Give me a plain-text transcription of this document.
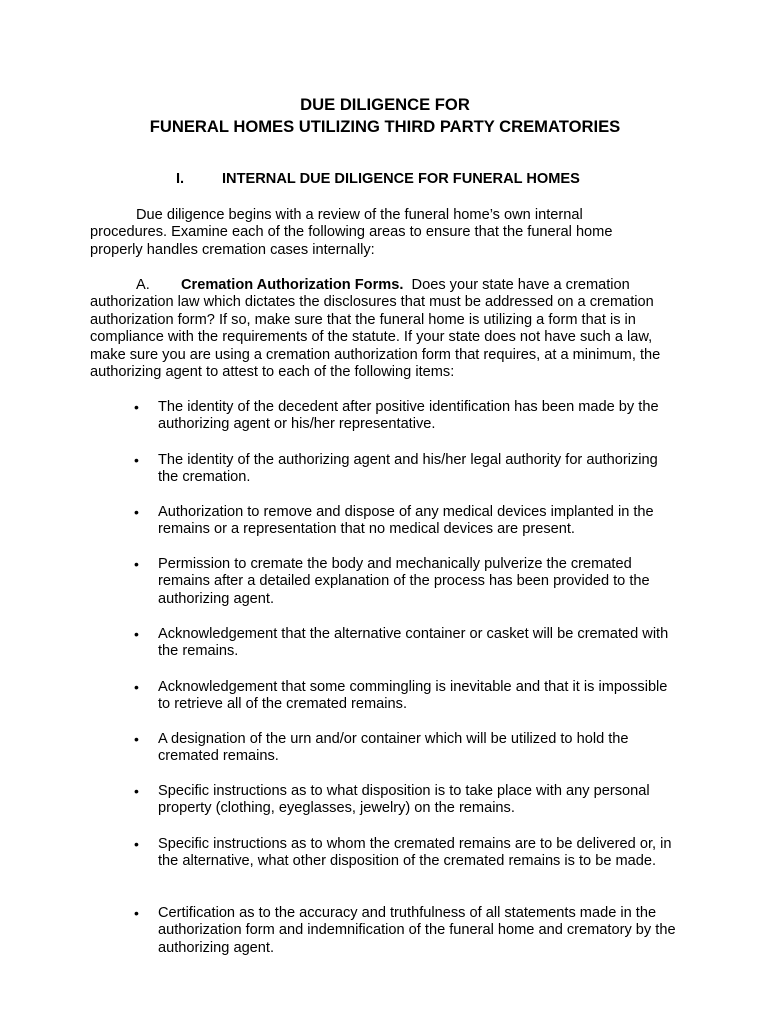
DUE DILIGENCE FOR
FUNERAL HOMES UTILIZING THIRD PARTY CREMATORIES
I.	INTERNAL DUE DILIGENCE FOR FUNERAL HOMES
Due diligence begins with a review of the funeral home’s own internal procedures. Examine each of the following areas to ensure that the funeral home properly handles cremation cases internally:
A. Cremation Authorization Forms. Does your state have a cremation authorization law which dictates the disclosures that must be addressed on a cremation authorization form? If so, make sure that the funeral home is utilizing a form that is in compliance with the requirements of the statute. If your state does not have such a law, make sure you are using a cremation authorization form that requires, at a minimum, the authorizing agent to attest to each of the following items:
• The identity of the decedent after positive identification has been made by the authorizing agent or his/her representative.
• The identity of the authorizing agent and his/her legal authority for authorizing the cremation.
• Authorization to remove and dispose of any medical devices implanted in the remains or a representation that no medical devices are present.
• Permission to cremate the body and mechanically pulverize the cremated remains after a detailed explanation of the process has been provided to the authorizing agent.
• Acknowledgement that the alternative container or casket will be cremated with the remains.
• Acknowledgement that some commingling is inevitable and that it is impossible to retrieve all of the cremated remains.
• A designation of the urn and/or container which will be utilized to hold the cremated remains.
• Specific instructions as to what disposition is to take place with any personal property (clothing, eyeglasses, jewelry) on the remains.
• Specific instructions as to whom the cremated remains are to be delivered or, in the alternative, what other disposition of the cremated remains is to be made.
• Certification as to the accuracy and truthfulness of all statements made in the authorization form and indemnification of the funeral home and crematory by the authorizing agent.
